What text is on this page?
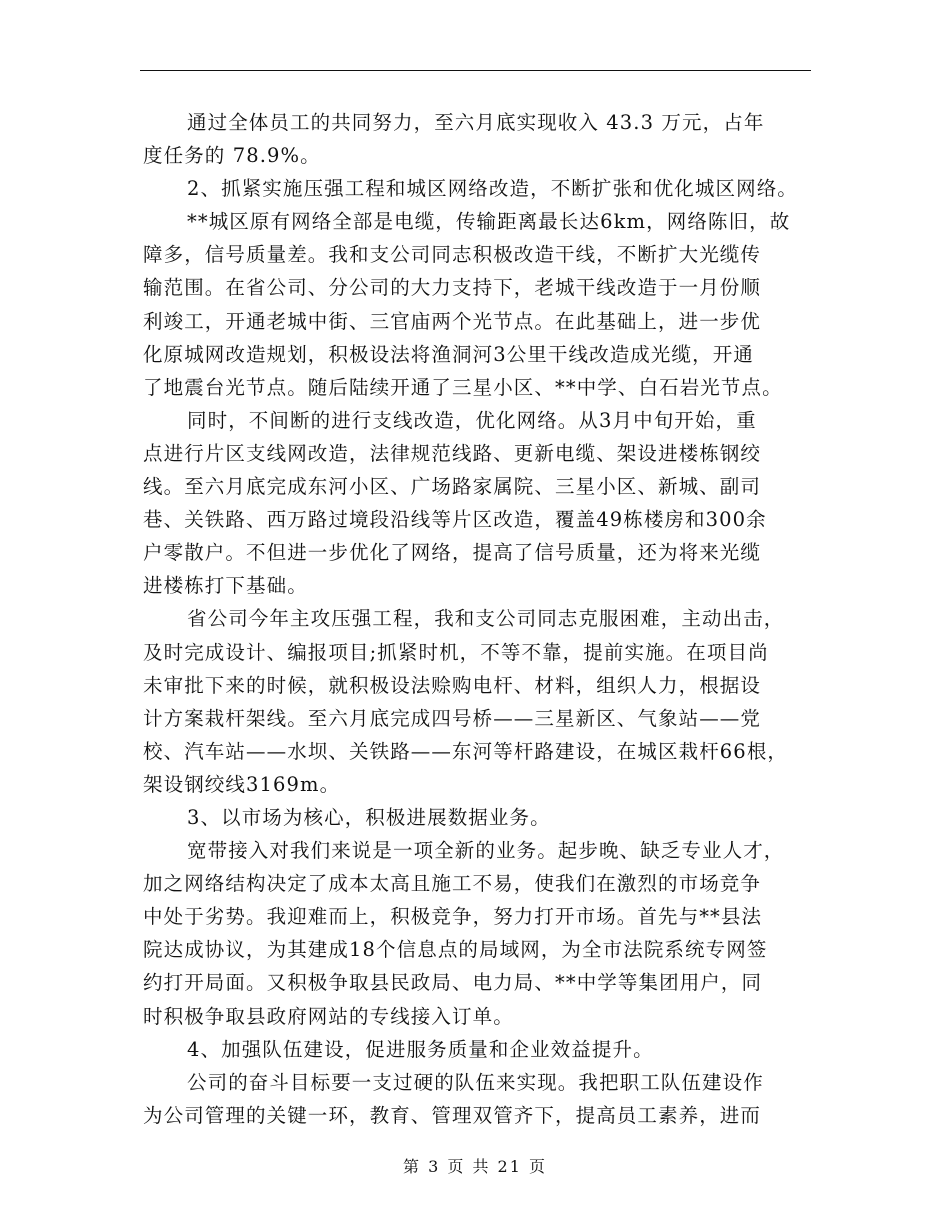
通过全体员工的共同努力，至六月底实现收入 43.3 万元，占年
度任务的 78.9%。
2、抓紧实施压强工程和城区网络改造，不断扩张和优化城区网络。
**城区原有网络全部是电缆，传输距离最长达6km，网络陈旧，故
障多，信号质量差。我和支公司同志积极改造干线，不断扩大光缆传
输范围。在省公司、分公司的大力支持下，老城干线改造于一月份顺
利竣工，开通老城中街、三官庙两个光节点。在此基础上，进一步优
化原城网改造规划，积极设法将渔洞河3公里干线改造成光缆，开通
了地震台光节点。随后陆续开通了三星小区、**中学、白石岩光节点。
同时，不间断的进行支线改造，优化网络。从3月中旬开始，重
点进行片区支线网改造，法律规范线路、更新电缆、架设进楼栋钢绞
线。至六月底完成东河小区、广场路家属院、三星小区、新城、副司
巷、关铁路、西万路过境段沿线等片区改造，覆盖49栋楼房和300余
户零散户。不但进一步优化了网络，提高了信号质量，还为将来光缆
进楼栋打下基础。
省公司今年主攻压强工程，我和支公司同志克服困难，主动出击，
及时完成设计、编报项目;抓紧时机，不等不靠，提前实施。在项目尚
未审批下来的时候，就积极设法赊购电杆、材料，组织人力，根据设
计方案栽杆架线。至六月底完成四号桥——三星新区、气象站——党
校、汽车站——水坝、关铁路——东河等杆路建设，在城区栽杆66根，
架设钢绞线3169m。
3、以市场为核心，积极进展数据业务。
宽带接入对我们来说是一项全新的业务。起步晚、缺乏专业人才，
加之网络结构决定了成本太高且施工不易，使我们在激烈的市场竞争
中处于劣势。我迎难而上，积极竞争，努力打开市场。首先与**县法
院达成协议，为其建成18个信息点的局域网，为全市法院系统专网签
约打开局面。又积极争取县民政局、电力局、**中学等集团用户，同
时积极争取县政府网站的专线接入订单。
4、加强队伍建设，促进服务质量和企业效益提升。
公司的奋斗目标要一支过硬的队伍来实现。我把职工队伍建设作
为公司管理的关键一环，教育、管理双管齐下，提高员工素养，进而
第 3 页 共 21 页
